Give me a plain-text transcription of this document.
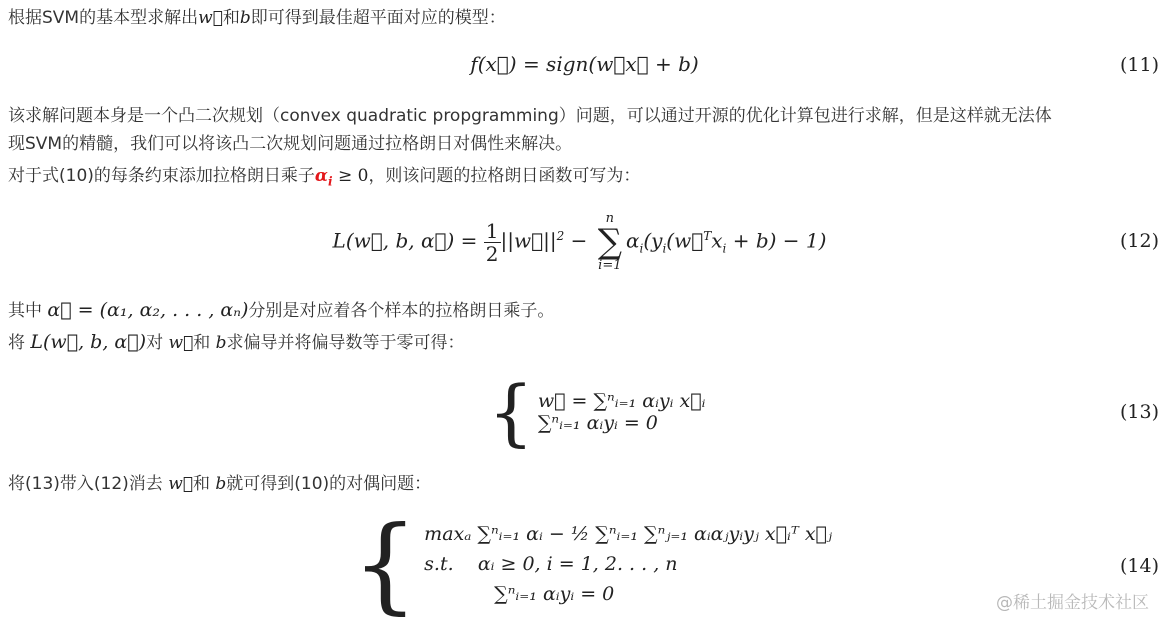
根据SVM的基本型求解出w⃗和b即可得到最佳超平面对应的模型：

f(x⃗) = sign(w⃗x⃗ + b)	(11)

该求解问题本身是一个凸二次规划（convex quadratic propgramming）问题，可以通过开源的优化计算包进行求解，但是这样就无法体

现SVM的精髓，我们可以将该凸二次规划问题通过拉格朗日对偶性来解决。

对于式(10)的每条约束添加拉格朗日乘子$\alpha_i \ge 0$，则该问题的拉格朗日函数可写为：

L(w⃗, b, α⃗) = $\frac{1}{2}$ $||w⃗||^2$ −
n
∑
i=1
$\alpha_i(y_i(w⃗^Tx_i + b) - 1)$	(12)

其中 α⃗ = (α₁, α₂, . . . , αₙ)分别是对应着各个样本的拉格朗日乘子。

将 L(w⃗, b, α⃗)对 w⃗和 b求偏导并将偏导数等于零可得：

{ w⃗ = ∑ⁿᵢ₌₁ αᵢyᵢ x⃗ᵢ
∑ⁿᵢ₌₁ αᵢyᵢ = 0	(13)

将(13)带入(12)消去 w⃗和 b就可得到(10)的对偶问题：

{ maxₐ ∑ⁿᵢ₌₁ αᵢ − ½ ∑ⁿᵢ₌₁ ∑ⁿⱼ₌₁ αᵢαⱼyᵢyⱼ x⃗ᵢᵀ x⃗ⱼ
s.t. αᵢ ≥ 0, i = 1, 2. . . , n
∑ⁿᵢ₌₁ αᵢyᵢ = 0
(14)
@稀土掘金技术社区
